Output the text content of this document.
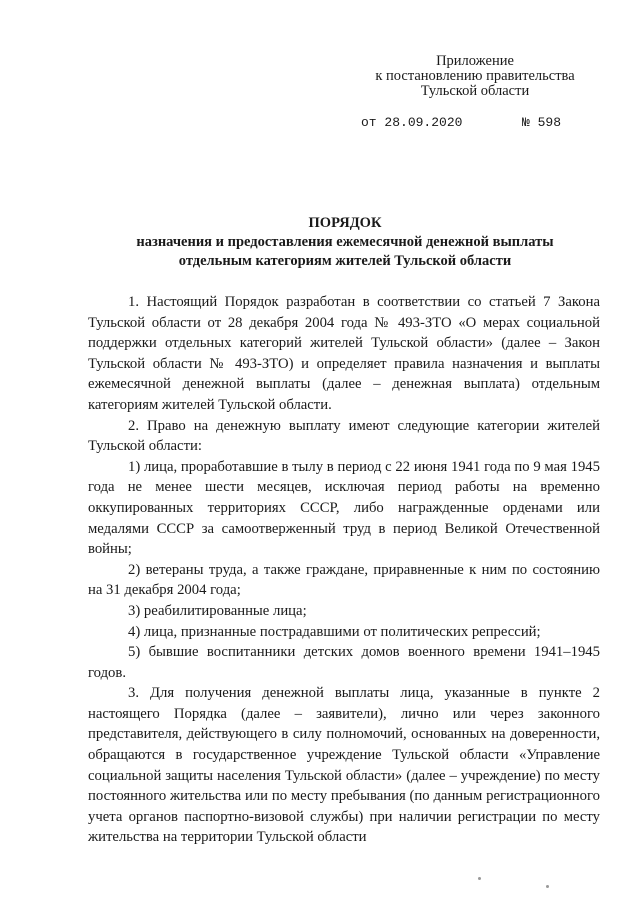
Приложение
к постановлению правительства
Тульской области
от 28.09.2020	№ 598
ПОРЯДОК
назначения и предоставления ежемесячной денежной выплаты
отдельным категориям жителей Тульской области

1. Настоящий Порядок разработан в соответствии со статьей 7 Закона Тульской области от 28 декабря 2004 года № 493-ЗТО «О мерах социальной поддержки отдельных категорий жителей Тульской области» (далее – Закон Тульской области № 493-ЗТО) и определяет правила назначения и выплаты ежемесячной денежной выплаты (далее – денежная выплата) отдельным категориям жителей Тульской области.

2. Право на денежную выплату имеют следующие категории жителей Тульской области:

1) лица, проработавшие в тылу в период с 22 июня 1941 года по 9 мая 1945 года не менее шести месяцев, исключая период работы на временно оккупированных территориях СССР, либо награжденные орденами или медалями СССР за самоотверженный труд в период Великой Отечественной войны;

2) ветераны труда, а также граждане, приравненные к ним по состоянию на 31 декабря 2004 года;

3) реабилитированные лица;

4) лица, признанные пострадавшими от политических репрессий;

5) бывшие воспитанники детских домов военного времени 1941–1945 годов.

3. Для получения денежной выплаты лица, указанные в пункте 2 настоящего Порядка (далее – заявители), лично или через законного представителя, действующего в силу полномочий, основанных на доверенности, обращаются в государственное учреждение Тульской области «Управление социальной защиты населения Тульской области» (далее – учреждение) по месту постоянного жительства или по месту пребывания (по данным регистрационного учета органов паспортно-визовой службы) при наличии регистрации по месту жительства на территории Тульской области
